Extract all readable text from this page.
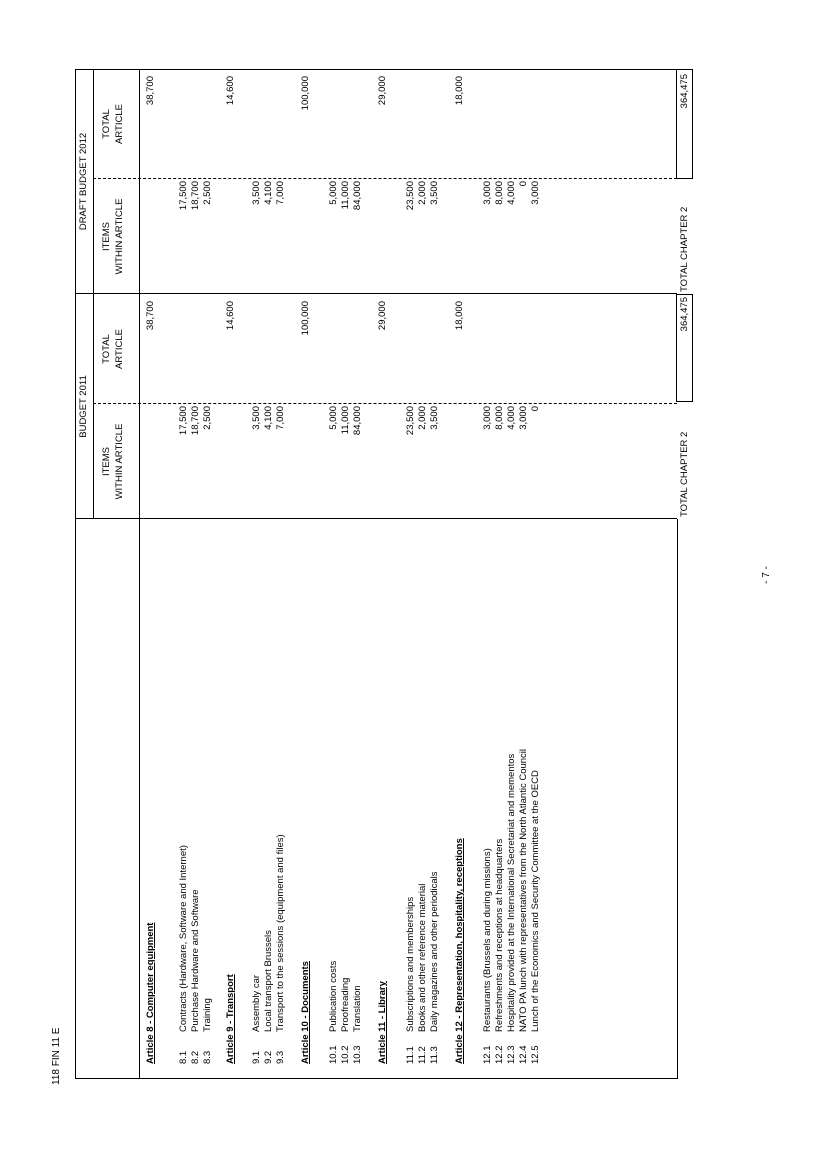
118 FIN 11 E
- 7 -
BUDGET 2011
DRAFT BUDGET 2012
ITEMS WITHIN ARTICLE
TOTAL ARTICLE
ITEMS WITHIN ARTICLE
TOTAL ARTICLE
Article 8 - Computer equipment
38,700
38,700
8.1
Contracts (Hardware, Software and Internet)
17,500
17,500
8.2
Purchase Hardware and Software
18,700
18,700
8.3
Training
2,500
2,500
Article 9 - Transport
14,600
14,600
9.1
Assembly car
3,500
3,500
9.2
Local transport Brussels
4,100
4,100
9.3
Transport to the sessions (equipment and files)
7,000
7,000
Article 10 - Documents
100,000
100,000
10.1
Publication costs
5,000
5,000
10.2
Proofreading
11,000
11,000
10.3
Translation
84,000
84,000
Article 11 - Library
29,000
29,000
11.1
Subscriptions and memberships
23,500
23,500
11.2
Books and other reference material
2,000
2,000
11.3
Daily magazines and other periodicals
3,500
3,500
Article 12 - Representation, hospitality, receptions
18,000
18,000
12.1
Restaurants (Brussels and during missions)
3,000
3,000
12.2
Refreshments and receptions at headquarters
8,000
8,000
12.3
Hospitality provided at the International Secretariat and mementos
4,000
4,000
12.4
NATO PA lunch with representatives from the North Atlantic Council
3,000
0
12.5
Lunch of the Economics and Security Committee at the OECD
0
3,000
TOTAL CHAPTER 2
364,475
TOTAL CHAPTER 2
364,475
